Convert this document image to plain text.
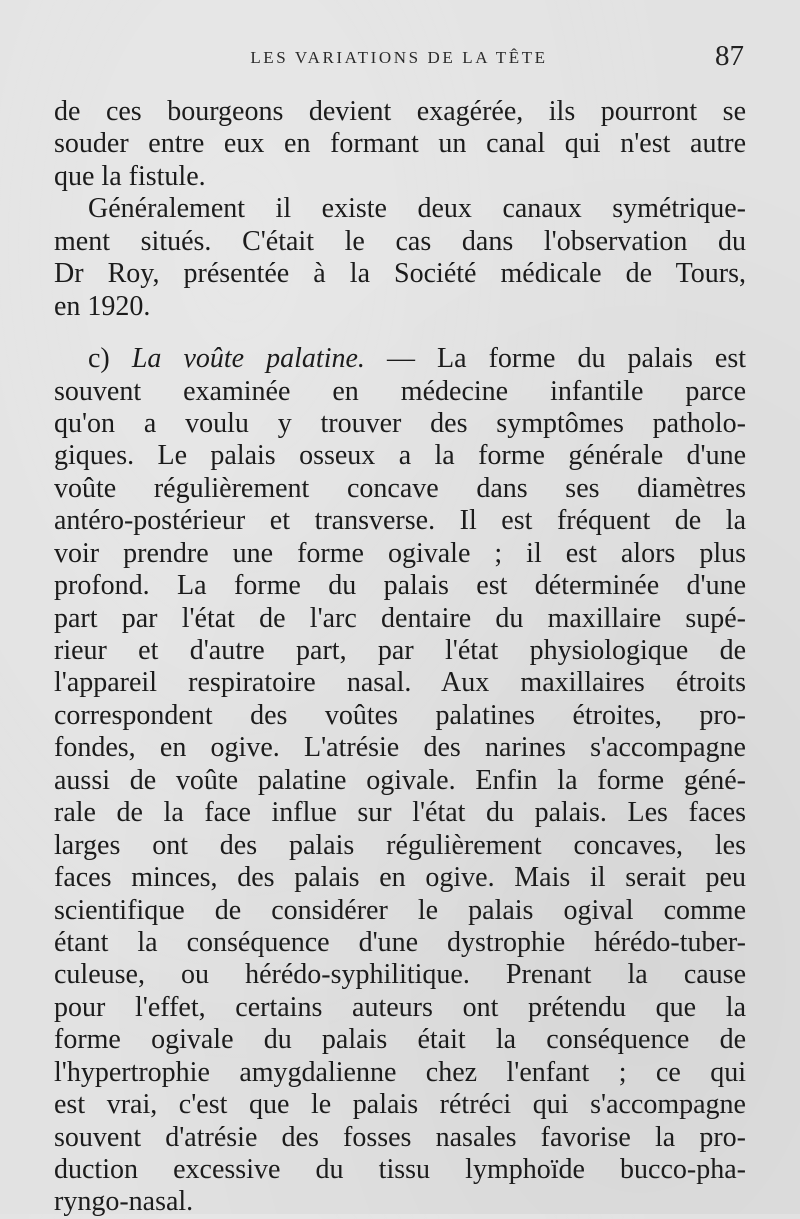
LES VARIATIONS DE LA TÊTE	87
de ces bourgeons devient exagérée, ils pourront se
souder entre eux en formant un canal qui n'est autre
que la fistule.
Généralement il existe deux canaux symétrique-
ment situés. C'était le cas dans l'observation du
Dr Roy, présentée à la Société médicale de Tours,
en 1920.
c) La voûte palatine. — La forme du palais est
souvent examinée en médecine infantile parce
qu'on a voulu y trouver des symptômes patholo-
giques. Le palais osseux a la forme générale d'une
voûte régulièrement concave dans ses diamètres
antéro-postérieur et transverse. Il est fréquent de la
voir prendre une forme ogivale ; il est alors plus
profond. La forme du palais est déterminée d'une
part par l'état de l'arc dentaire du maxillaire supé-
rieur et d'autre part, par l'état physiologique de
l'appareil respiratoire nasal. Aux maxillaires étroits
correspondent des voûtes palatines étroites, pro-
fondes, en ogive. L'atrésie des narines s'accompagne
aussi de voûte palatine ogivale. Enfin la forme géné-
rale de la face influe sur l'état du palais. Les faces
larges ont des palais régulièrement concaves, les
faces minces, des palais en ogive. Mais il serait peu
scientifique de considérer le palais ogival comme
étant la conséquence d'une dystrophie hérédo-tuber-
culeuse, ou hérédo-syphilitique. Prenant la cause
pour l'effet, certains auteurs ont prétendu que la
forme ogivale du palais était la conséquence de
l'hypertrophie amygdalienne chez l'enfant ; ce qui
est vrai, c'est que le palais rétréci qui s'accompagne
souvent d'atrésie des fosses nasales favorise la pro-
duction excessive du tissu lymphoïde bucco-pha-
ryngo-nasal.
